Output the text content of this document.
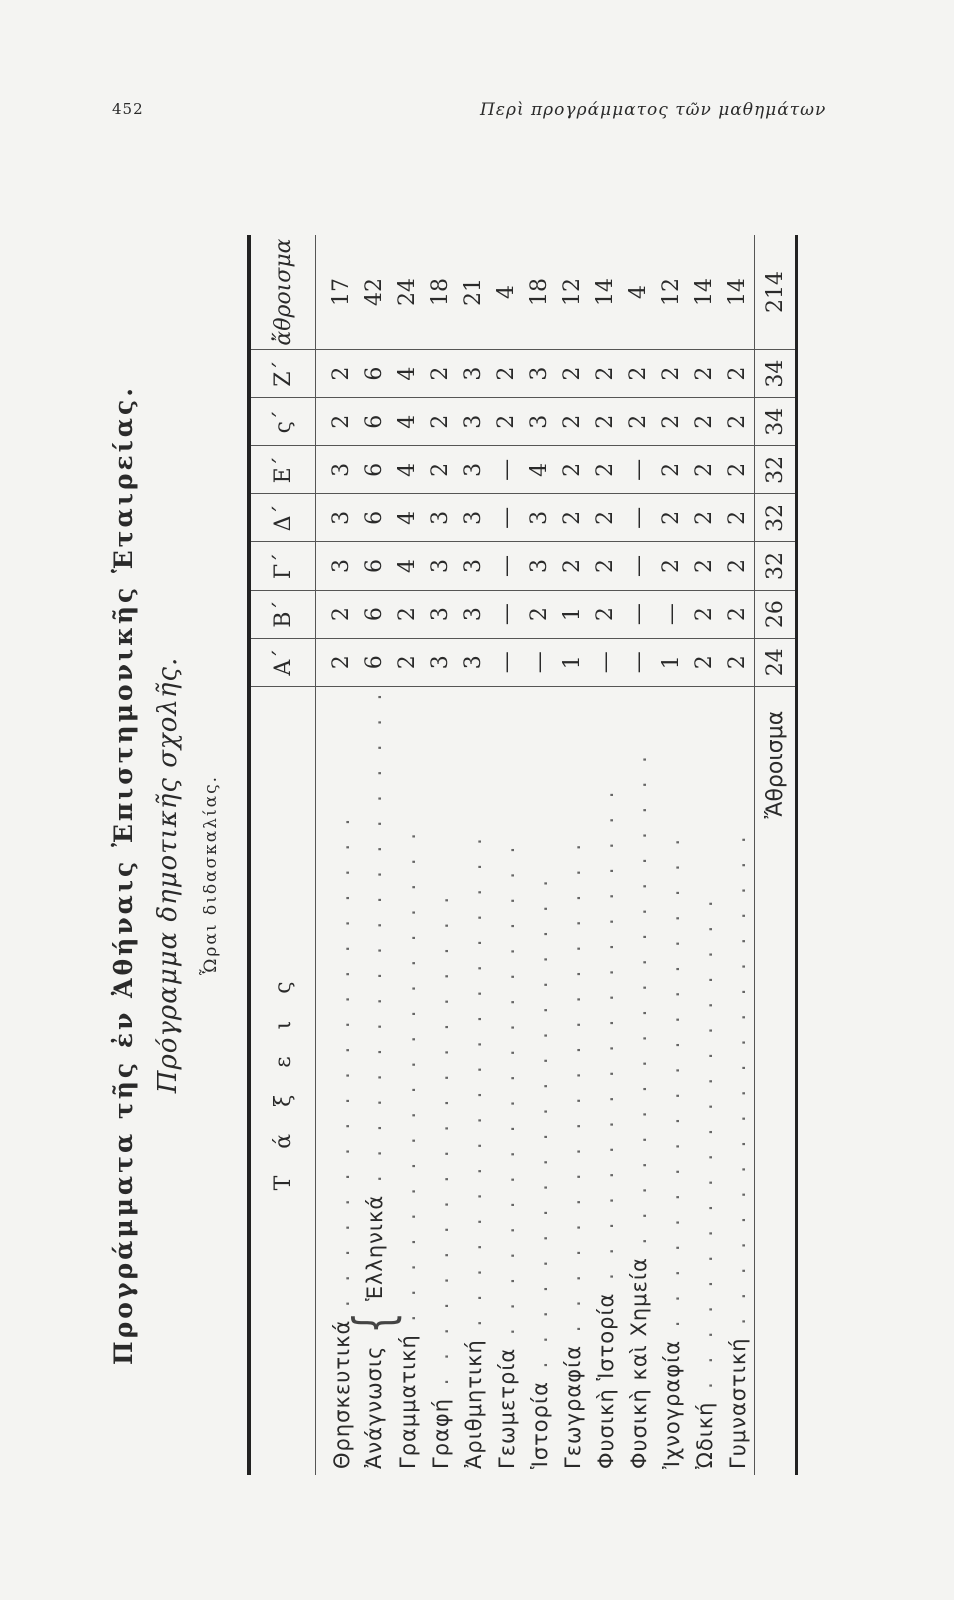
452	Περὶ προγράμματος τῶν μαθημάτων
Προγράμματα τῆς ἐν Ἀθήναις Ἐπιστημονικῆς Ἑταιρείας. Πρόγραμμα δημοτικῆς σχολῆς. Ὧραι διδασκαλίας.
Τ ά ξ ε ι ς	Α΄	Β΄	Γ΄	Δ΄	Ε΄	ς΄	Ζ΄	ἄθροισμα
Θρησκευτικά . . . . . . . . . . . . . . . . . . . .	2	2	3	3	3	2	2	17
Ἀνάγνωσις{Ἑλληνικά . . . . . . . . . . . . . . . . . . . .	6	6	6	6	6	6	6	42
Γραμματική . . . . . . . . . . . . . . . . . . . .	2	2	4	4	4	4	4	24
Γραφή . . . . . . . . . . . . . . . . . . . .	3	3	3	3	2	2	2	18
Ἀριθμητική . . . . . . . . . . . . . . . . . . . .	3	3	3	3	3	3	3	21
Γεωμετρία . . . . . . . . . . . . . . . . . . . .	—	—	—	—	—	2	2	4
Ἱστορία . . . . . . . . . . . . . . . . . . . .	—	2	3	3	4	3	3	18
Γεωγραφία . . . . . . . . . . . . . . . . . . . .	1	1	2	2	2	2	2	12
Φυσικὴ Ἱστορία . . . . . . . . . . . . . . . . . . . .	—	2	2	2	2	2	2	14
Φυσικὴ καὶ Χημεία . . . . . . . . . . . . . . . . . . . .	—	—	—	—	—	2	2	4
Ἰχνογραφία . . . . . . . . . . . . . . . . . . . .	1	—	2	2	2	2	2	12
Ὠδική . . . . . . . . . . . . . . . . . . . .	2	2	2	2	2	2	2	14
Γυμναστική . . . . . . . . . . . . . . . . . . . .	2	2	2	2	2	2	2	14
Ἄθροισμα	24	26	32	32	32	34	34	214
